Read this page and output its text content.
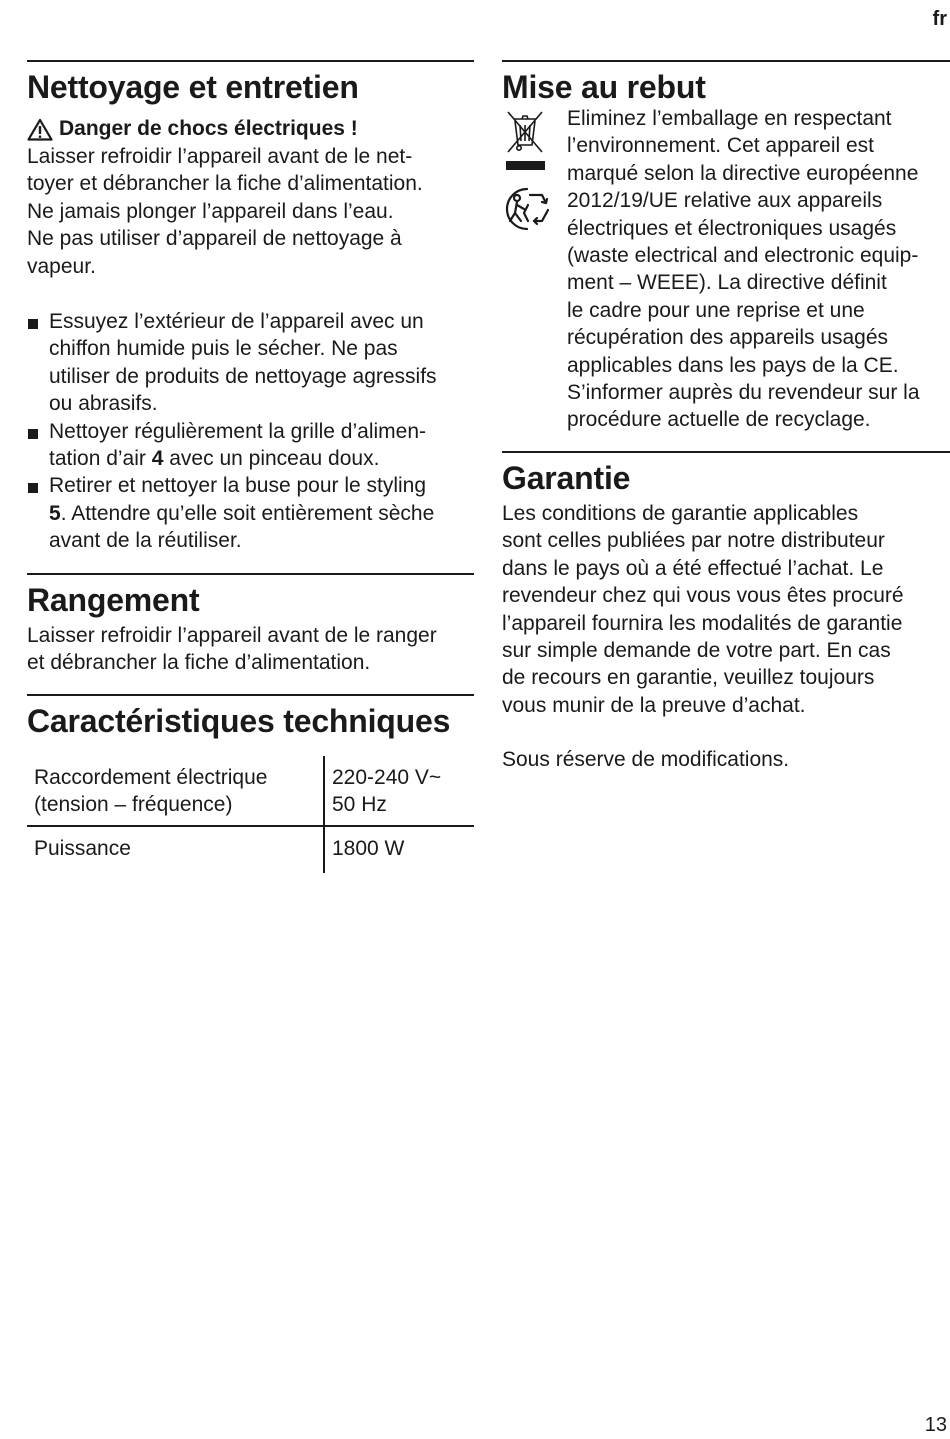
fr
Nettoyage et entretien
Danger de chocs électriques !

Laisser refroidir l’appareil avant de le net-
toyer et débrancher la fiche d’alimentation.
Ne jamais plonger l’appareil dans l’eau.
Ne pas utiliser d’appareil de nettoyage à
vapeur.

Essuyez l’extérieur de l’appareil avec un
chiffon humide puis le sécher. Ne pas
utiliser de produits de nettoyage agressifs
ou abrasifs.
Nettoyer régulièrement la grille d’alimen-
tation d’air 4 avec un pinceau doux.
Retirer et nettoyer la buse pour le styling
5. Attendre qu’elle soit entièrement sèche
avant de la réutiliser.
Rangement

Laisser refroidir l’appareil avant de le ranger
et débrancher la fiche d’alimentation.

Caractéristiques techniques
Raccordement électrique
(tension – fréquence)	220-240 V~
50 Hz
Puissance	1800 W
Mise au rebut

Eliminez l’emballage en respectant
l’environnement. Cet appareil est
marqué selon la directive européenne
2012/19/UE relative aux appareils
électriques et électroniques usagés
(waste electrical and electronic equip-
ment – WEEE). La directive définit
le cadre pour une reprise et une
récupération des appareils usagés
applicables dans les pays de la CE.
S’informer auprès du revendeur sur la
procédure actuelle de recyclage.

Garantie

Les conditions de garantie applicables
sont celles publiées par notre distributeur
dans le pays où a été effectué l’achat. Le
revendeur chez qui vous vous êtes procuré
l’appareil fournira les modalités de garantie
sur simple demande de votre part. En cas
de recours en garantie, veuillez toujours
vous munir de la preuve d’achat.

Sous réserve de modifications.

13
